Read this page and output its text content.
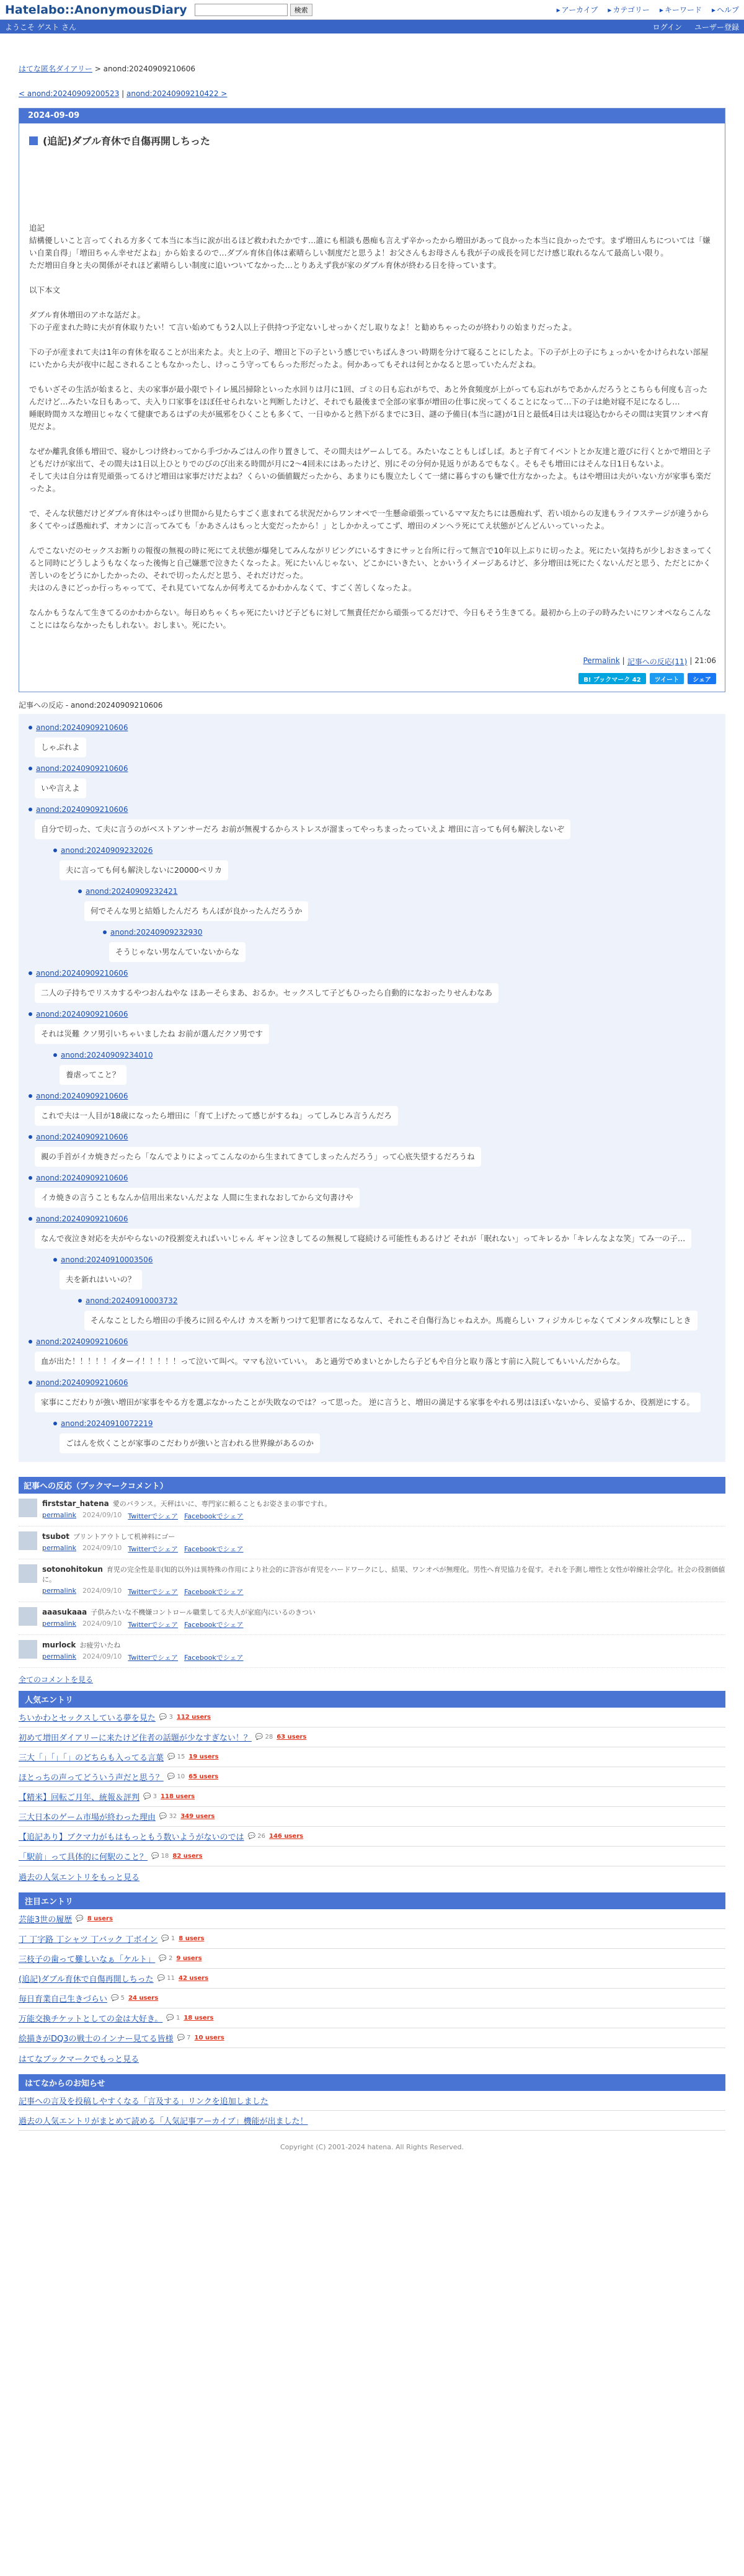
Hatelabo::AnonymousDiary	検索	▸ アーカイブ	▸ カテゴリー	▸ キーワード	▸ ヘルプ
ようこそ ゲスト さん	ログイン ユーザー登録
はてな匿名ダイアリー > anond:20240909210606
< anond:20240909200523 | anond:20240909210422 >
2024-09-09
(追記)ダブル育休で自傷再開しちった

追記

結構優しいこと言ってくれる方多くて本当に本当に涙が出るほど救われたかです…誰にも相談も愚痴も言えず辛かったから増田があって良かった本当に良かったです。まず増田んちについては「嫌い自業自得」「増田ちゃん幸せだよね」から始まるので…ダブル育休自体は素晴らしい制度だと思うよ！お父さんもお母さんも我が子の成長を同じだけ感じ取れるなんて最高しい限り。

ただ増田自身と夫の関係がそれほど素晴らしい制度に追いついてなかった…とりあえず我が家のダブル育休が終わる日を待っています。

以下本文

ダブル育休増田のアホな話だよ。

下の子産まれた時に夫が育休取りたい！て言い始めてもう2人以上子供持つ予定ないしせっかくだし取りなよ！と勧めちゃったのが終わりの始まりだったよ。

下の子が産まれて夫は1年の育休を取ることが出来たよ。夫と上の子、増田と下の子という感じでいちばんきつい時期を分けて寝ることにしたよ。下の子が上の子にちょっかいをかけられない部屋にいたから夫が夜中に起こされることもなかったし、けっこう守ってもらった形だったよ。何かあってもそれは何とかなると思っていたんだよね。

でもいざその生活が始まると、夫の家事が最小限でトイレ風呂掃除といった水回りは月に1回、ゴミの日も忘れがちで、あと外食頻度が上がっても忘れがちであかんだろうとこちらも何度も言ったんだけど…みたいな日もあって、夫入り口家事をほぼ任せられないと判断したけど、それでも最後まで全部の家事が増田の仕事に戻ってくることになって…下の子は絶対寝不足になるし…

睡眠時間カスな増田じゃなくて健康であるはずの夫が風邪をひくことも多くて、一日ゆかると熱下がるまでに3日、謎の予備日(本当に謎)が1日と最低4日は夫は寝込むからその間は実質ワンオペ育児だよ。

なぜか離乳食係も増田で、寝かしつけ終わってから手づかみごはんの作り置きして、その間夫はゲームしてる。みたいなこともしばしば。あと子育てイベントとか友達と遊びに行くとかで増田と子どもだけが家出て、その間夫は1日以上ひとりでのびのび出来る時間が月に2〜4回未にはあったけど、別にその分何か見返りがあるでもなく。そもそも増田にはそんな日1日もないよ。

そして夫は自分は育児頑張ってるけど増田は家事だけだよね？くらいの価値観だったから、あまりにも腹立たしくて一緒に暮らすのも嫌で仕方なかったよ。もはや増田は夫がいない方が家事も楽だったよ。

で、そんな状態だけどダブル育休はやっぱり世間から見たらすごく恵まれてる状況だからワンオペで一生懸命頑張っているママ友たちには愚痴れず、若い頃からの友達もライフステージが違うから多くてやっぱ愚痴れず、オカンに言ってみても「かあさんはもっと大変だったから！」としかかえってこず、増田のメンヘラ死にてえ状態がどんどんいっていったよ。

んでこないだのセックスお断りの報復の無視の時に死にてえ状態が爆発してみんながリビングにいるすきにサッと台所に行って無言で10年以上ぶりに切ったよ。死にたい気持ちが少しおさまってくると同時にどうしようもなくなった後悔と自己嫌悪で泣きたくなったよ。死にたいんじゃない、どこかにいきたい、とかいうイメージあるけど、多分増田は死にたくないんだと思う、ただとにかく苦しいのをどうにかしたかったの、それで切ったんだと思う、それだけだった。

夫はのんきにどっか行っちゃってて、それ見ていてなんか何考えてるかわかんなくて、すごく苦しくなったよ。

なんかもうなんて生きてるのかわからない。毎日めちゃくちゃ死にたいけど子どもに対して無責任だから頑張ってるだけで、今日もそう生きてる。最初から上の子の時みたいにワンオペならこんなことにはならなかったもしれない。おしまい。死にたい。

Permalink | 記事への反応(11) | 21:06
B! ブックマーク 42	ツイート	シェア
記事への反応 - anond:20240909210606
anond:20240909210606
しゃぶれよ
anond:20240909210606
いや言えよ
anond:20240909210606
自分で切った、て夫に言うのがベストアンサーだろ お前が無視するからストレスが溜まってやっちまったっていえよ 増田に言っても何も解決しないぞ
anond:20240909232026
夫に言っても何も解決しないに20000ペリカ
anond:20240909232421
何でそんな男と結婚したんだろ ちんぽが良かったんだろうか
anond:20240909232930
そうじゃない男なんていないからな
anond:20240909210606
二人の子持ちでリスカするやつおんねやな ほあーそらまあ、おるか。セックスして子どもひったら自動的になおったりせんわなあ
anond:20240909210606
それは災難 クソ男引いちゃいましたね お前が選んだクソ男です
anond:20240909234010
養虐ってこと？
anond:20240909210606
これで夫は一人目が18歳になったら増田に「育て上げたって感じがするね」ってしみじみ言うんだろ
anond:20240909210606
親の手首がイカ焼きだったら「なんでよりによってこんなのから生まれてきてしまったんだろう」って心底失望するだろうね
anond:20240909210606
イカ焼きの言うこともなんか信用出来ないんだよな 人間に生まれなおしてから文句書けや
anond:20240909210606
なんで夜泣き対応を夫がやらないの?役割変えればいいじゃん ギャン泣きしてるの無視して寝続ける可能性もあるけど それが「眠れない」ってキレるか「キレんなよな笑」てみ一の子…
anond:20240910003506
夫を新れはいいの？
anond:20240910003732
そんなことしたら増田の手後ろに回るやんけ カスを断りつけて犯罪者になるなんて、それこそ自傷行為じゃねえか。馬鹿らしい フィジカルじゃなくてメンタル攻撃にしとき
anond:20240909210606
血が出た！！！！！イターイ！！！！！って泣いて叫べ。ママも泣いていい。 あと過労でめまいとかしたら子どもや自分と取り落とす前に入院してもいいんだからな。
anond:20240909210606
家事にこだわりが強い増田が家事をやる方を選ぶなかったことが失敗なのでは？って思った。 逆に言うと、増田の満足する家事をやれる男はほぼいないから、妥協するか、役割逆にする。
anond:20240910072219
ごはんを炊くことが家事のこだわりが強いと言われる世界線があるのか
記事への反応（ブックマークコメント）
firststar_hatena 愛のバランス。天秤はいに、専門家に頼ることもお姿さまの事ですれ。
permalink 2024/09/10 Twitterでシェア Facebookでシェア
tsubot プリントアウトして机神料にゴー
permalink 2024/09/10 Twitterでシェア Facebookでシェア
sotonohitokun 育児の完全性是非(知的以外)は異特殊の作用により社会的に許容が育児をハードワークにし、結果、ワンオペが無理化。男性へ育児協力を促す。それを予測し増性と女性が幹線社会学化。社会の役割価値に。
permalink 2024/09/10 Twitterでシェア Facebookでシェア
aaasukaaa 子供みたいな不機嫌コントロール職業してる夫人が家庭内にいるのきつい
permalink 2024/09/10 Twitterでシェア Facebookでシェア
murlock お疲労いたね
permalink 2024/09/10 Twitterでシェア Facebookでシェア
全てのコメントを見る
人気エントリ
ちいかわとセックスしている夢を見た 💬 3 112 users
初めて増田ダイアリーに来たけど住者の話題が少なすぎない！？ 💬 28 63 users
三大「」「」「」のどちらも入ってる言葉 💬 15 19 users
ほとっちの声ってどういう声だと思う？ 💬 10 65 users
【精米】回転ご月年、統報＆評判 💬 3 118 users
三大日本のゲーム市場が終わった理由 💬 32 349 users
【追記あり】ブクマ力がもはもっともう数いようがないのでは 💬 26 146 users
「駅前」って具体的に何駅のこと？ 💬 18 82 users
過去の人気エントリをもっと見る
注目エントリ
芸能3世の履歴 💬 8 users
丁 丁字路 丁シャツ 丁バック 丁ボイン 💬 1 8 users
三枝子の歯って難しいなぁ「ケルト」 💬 2 9 users
(追記)ダブル育休で自傷再開しちった 💬 11 42 users
毎日育業自己生きづらい 💬 5 24 users
万能交換チケットとしての金は大好き。 💬 1 18 users
絵描きがDQ3の戦士のインナー見てる皆様 💬 7 10 users
はてなブックマークでもっと見る
はてなからのお知らせ
記事への言及を投稿しやすくなる「言及する」リンクを追加しました
過去の人気エントリがまとめて読める「人気記事アーカイブ」機能が出ました！
Copyright (C) 2001-2024 hatena. All Rights Reserved.
